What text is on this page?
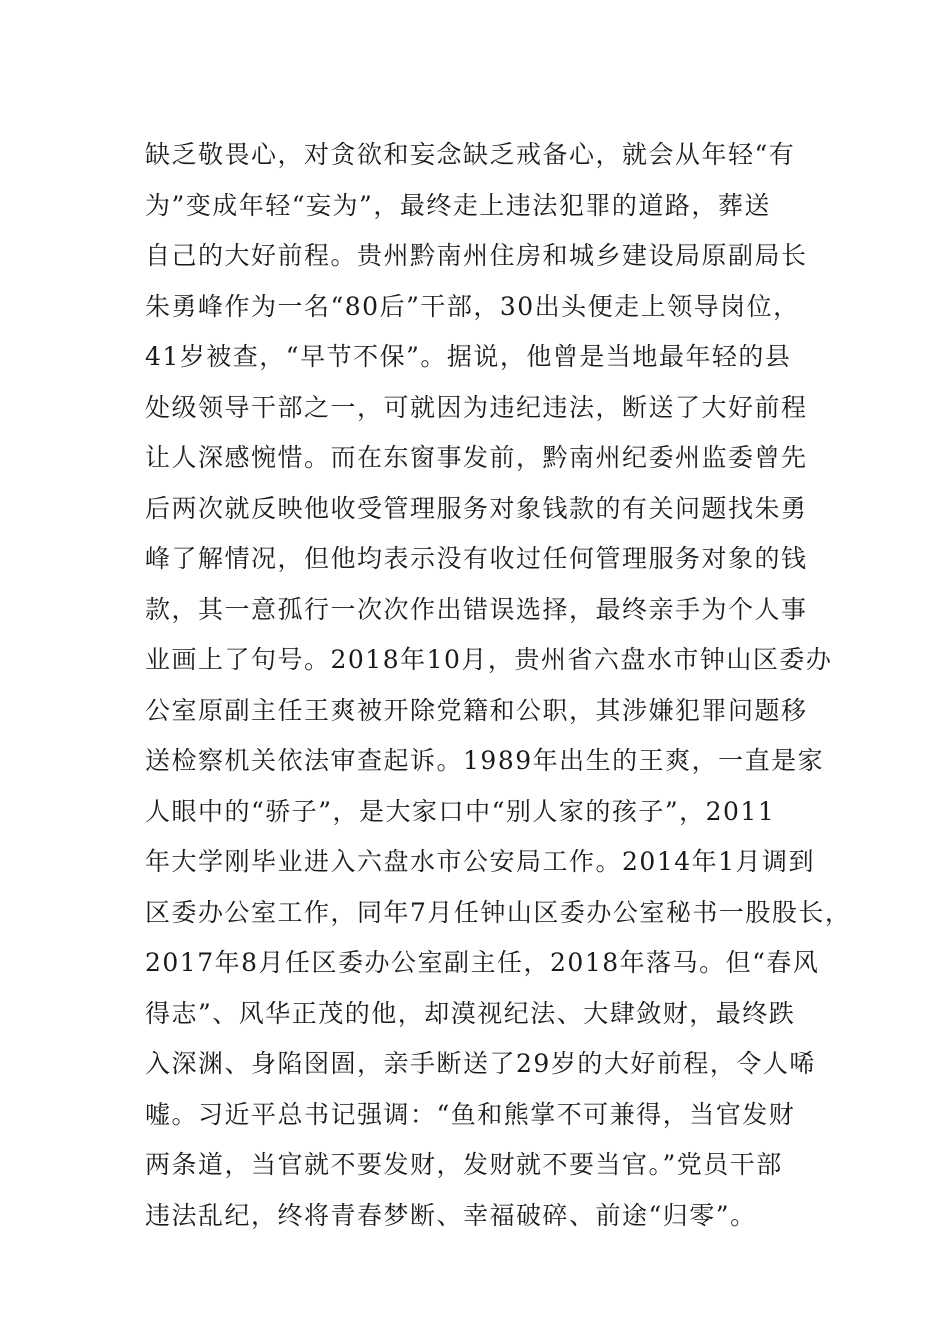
缺乏敬畏心，对贪欲和妄念缺乏戒备心，就会从年轻“有
为”变成年轻“妄为”，最终走上违法犯罪的道路，葬送
自己的大好前程。贵州黔南州住房和城乡建设局原副局长
朱勇峰作为一名“80后”干部，30出头便走上领导岗位，
41岁被查，“早节不保”。据说，他曾是当地最年轻的县
处级领导干部之一，可就因为违纪违法，断送了大好前程
让人深感惋惜。而在东窗事发前，黔南州纪委州监委曾先
后两次就反映他收受管理服务对象钱款的有关问题找朱勇
峰了解情况，但他均表示没有收过任何管理服务对象的钱
款，其一意孤行一次次作出错误选择，最终亲手为个人事
业画上了句号。2018年10月，贵州省六盘水市钟山区委办
公室原副主任王爽被开除党籍和公职，其涉嫌犯罪问题移
送检察机关依法审查起诉。1989年出生的王爽，一直是家
人眼中的“骄子”，是大家口中“别人家的孩子”，2011
年大学刚毕业进入六盘水市公安局工作。2014年1月调到
区委办公室工作，同年7月任钟山区委办公室秘书一股股长，
2017年8月任区委办公室副主任，2018年落马。但“春风
得志”、风华正茂的他，却漠视纪法、大肆敛财，最终跌
入深渊、身陷囹圄，亲手断送了29岁的大好前程，令人唏
嘘。习近平总书记强调：“鱼和熊掌不可兼得，当官发财
两条道，当官就不要发财，发财就不要当官。”党员干部
违法乱纪，终将青春梦断、幸福破碎、前途“归零”。
